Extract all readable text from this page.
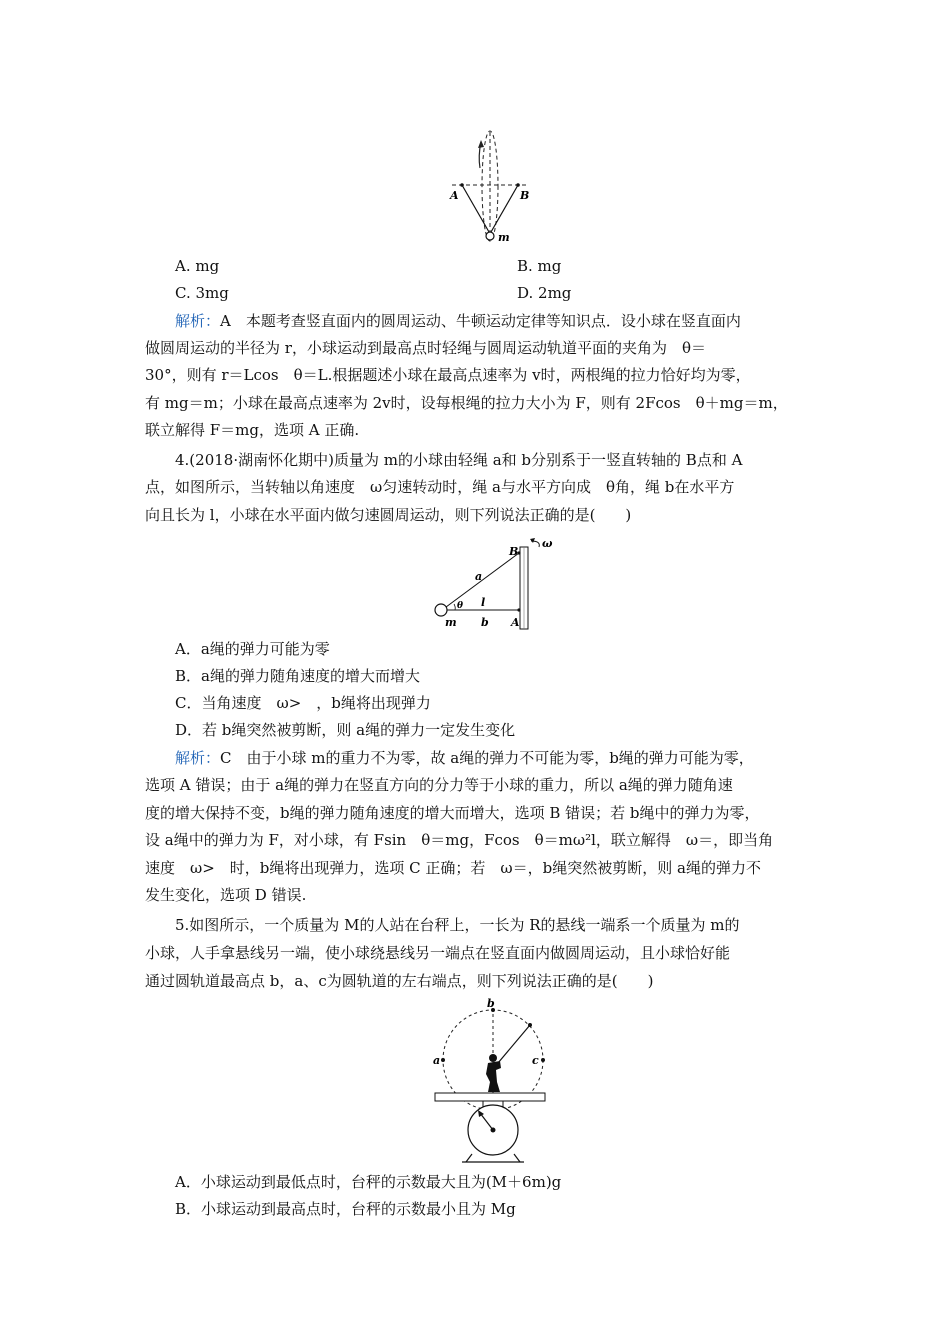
A	B
m
A. mg	B. mg
C. 3mg	D. 2mg
解析：A　本题考查竖直面内的圆周运动、牛顿运动定律等知识点．设小球在竖直面内
做圆周运动的半径为 r，小球运动到最高点时轻绳与圆周运动轨道平面的夹角为　θ＝
30°，则有 r＝Lcos　θ＝L.根据题述小球在最高点速率为 v时，两根绳的拉力恰好均为零，
有 mg＝m；小球在最高点速率为 2v时，设每根绳的拉力大小为 F，则有 2Fcos　θ＋mg＝m，
联立解得 F＝mg，选项 A 正确.
4.(2018·湖南怀化期中)质量为 m的小球由轻绳 a和 b分别系于一竖直转轴的 B点和 A
点，如图所示，当转轴以角速度　ω匀速转动时，绳 a与水平方向成　θ角，绳 b在水平方
向且长为 l，小球在水平面内做匀速圆周运动，则下列说法正确的是(　　)
B
ω
a
θ l
m b A
A．a绳的弹力可能为零
B．a绳的弹力随角速度的增大而增大
C．当角速度　ω>　，b绳将出现弹力
D．若 b绳突然被剪断，则 a绳的弹力一定发生变化
解析：C　由于小球 m的重力不为零，故 a绳的弹力不可能为零，b绳的弹力可能为零，
选项 A 错误；由于 a绳的弹力在竖直方向的分力等于小球的重力，所以 a绳的弹力随角速
度的增大保持不变，b绳的弹力随角速度的增大而增大，选项 B 错误；若 b绳中的弹力为零，
设 a绳中的弹力为 F，对小球，有 Fsin　θ＝mg，Fcos　θ＝mω²l，联立解得　ω＝，即当角
速度　ω>　时，b绳将出现弹力，选项 C 正确；若　ω＝，b绳突然被剪断，则 a绳的弹力不
发生变化，选项 D 错误.
5.如图所示，一个质量为 M的人站在台秤上，一长为 R的悬线一端系一个质量为 m的
小球，人手拿悬线另一端，使小球绕悬线另一端点在竖直面内做圆周运动，且小球恰好能
通过圆轨道最高点 b，a、c为圆轨道的左右端点，则下列说法正确的是(　　)
b
a	c
A．小球运动到最低点时，台秤的示数最大且为(M＋6m)g
B．小球运动到最高点时，台秤的示数最小且为 Mg
